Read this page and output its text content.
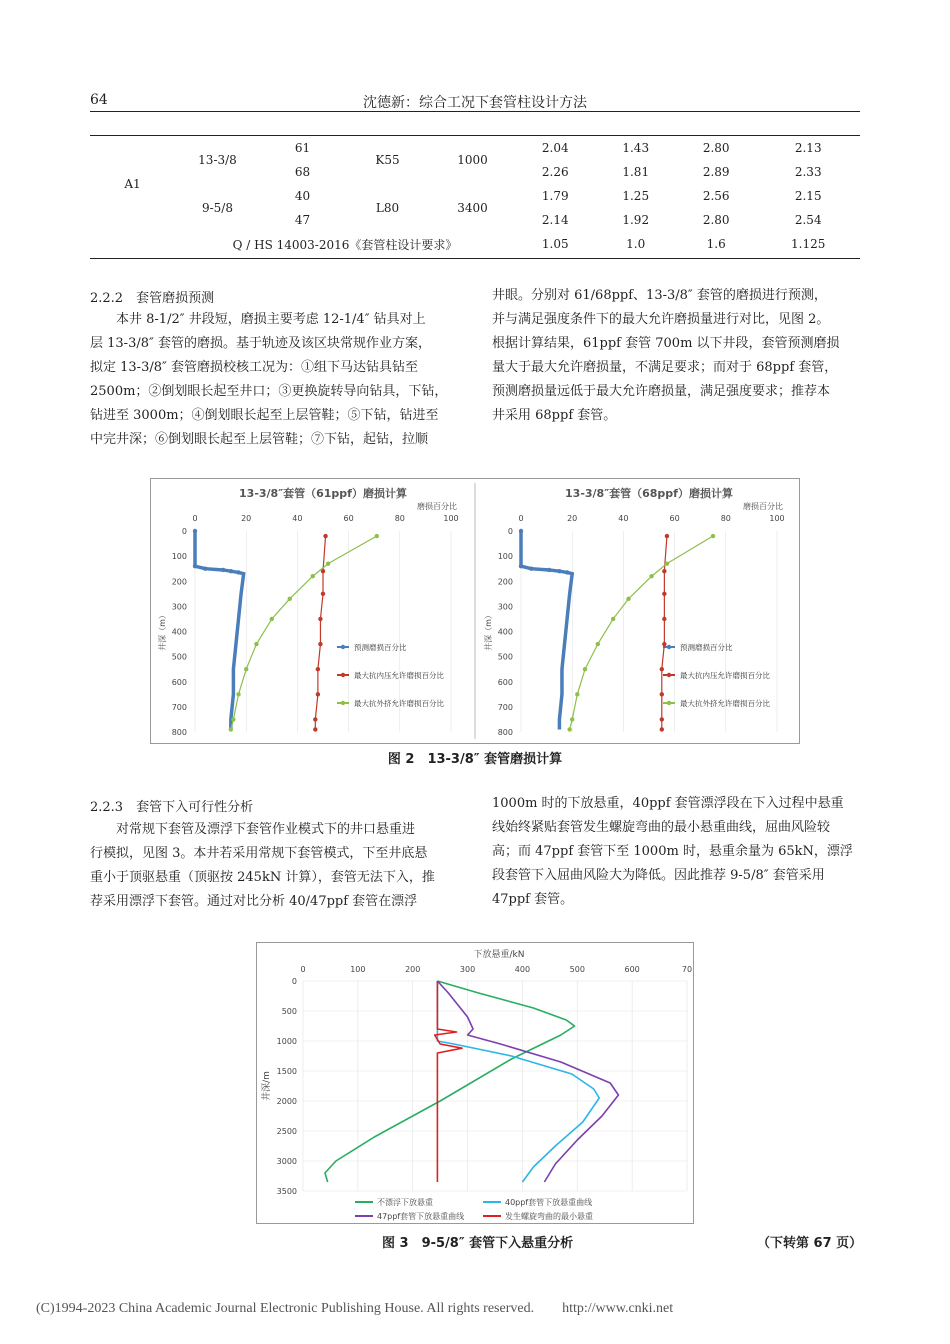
64	沈德新：综合工况下套管柱设计方法
A1	13-3/8	61	K55	1000	2.04	1.43	2.80	2.13
		68			2.26	1.81	2.89	2.33
	9-5/8	40	L80	3400	1.79	1.25	2.56	2.15
		47			2.14	1.92	2.80	2.54
	Q / HS 14003-2016《套管柱设计要求》				1.05	1.0	1.6	1.125
2.2.2　套管磨损预测
本井 8-1/2″ 井段短，磨损主要考虑 12-1/4″ 钻具对上
层 13-3/8″ 套管的磨损。基于轨迹及该区块常规作业方案，
拟定 13-3/8″ 套管磨损校核工况为：①组下马达钻具钻至
2500m；②倒划眼长起至井口；③更换旋转导向钻具，下钻，
钻进至 3000m；④倒划眼长起至上层管鞋；⑤下钻，钻进至
中完井深；⑥倒划眼长起至上层管鞋；⑦下钻，起钻，拉顺
井眼。分别对 61/68ppf、13-3/8″ 套管的磨损进行预测，
并与满足强度条件下的最大允许磨损量进行对比，见图 2。
根据计算结果，61ppf 套管 700m 以下井段，套管预测磨损
量大于最大允许磨损量，不满足要求；而对于 68ppf 套管，
预测磨损量远低于最大允许磨损量，满足强度要求；推荐本
井采用 68ppf 套管。
13-3/8″套管（61ppf）磨损计算
磨损百分比
井深（m）
0	20	40	60	80	100
0
100
200
300
400
500
600
700
800
预测磨损百分比
最大抗内压允许磨损百分比
最大抗外挤允许磨损百分比
13-3/8″套管（68ppf）磨损计算
磨损百分比
井深（m）
0	20	40	60	80	100
0
100
200
300
400
500
600
700
800
预测磨损百分比
最大抗内压允许磨损百分比
最大抗外挤允许磨损百分比
图 2　13-3/8″ 套管磨损计算
2.2.3　套管下入可行性分析
对常规下套管及漂浮下套管作业模式下的井口悬重进
行模拟，见图 3。本井若采用常规下套管模式，下至井底悬
重小于顶驱悬重（顶驱按 245kN 计算），套管无法下入，推
荐采用漂浮下套管。通过对比分析 40/47ppf 套管在漂浮
1000m 时的下放悬重，40ppf 套管漂浮段在下入过程中悬重
线始终紧贴套管发生螺旋弯曲的最小悬重曲线，屈曲风险较
高；而 47ppf 套管下至 1000m 时，悬重余量为 65kN，漂浮
段套管下入屈曲风险大为降低。因此推荐 9-5/8″ 套管采用
47ppf 套管。
下放悬重/kN
井深/m
0	100	200	300	400	500	600	70
0
500
1000
1500
2000
2500
3000
3500
不漂浮下放悬重	40ppf套管下放悬重曲线
47ppf套管下放悬重曲线	发生螺旋弯曲的最小悬重
图 3　9-5/8″ 套管下入悬重分析	（下转第 67 页）
(C)1994-2023 China Academic Journal Electronic Publishing House. All rights reserved.　　http://www.cnki.net
